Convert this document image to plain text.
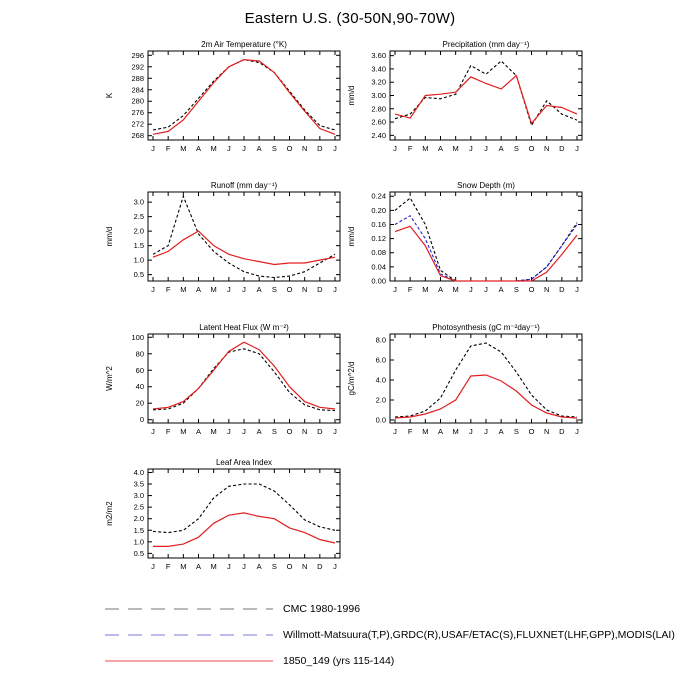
Eastern U.S. (30-50N,90-70W)
2m Air Temperature (°K)
K
268
272
276
280
284
288
292
296
J F M A M J J A S O N D J
Precipitation (mm day⁻¹)
mm/d
2.40
2.60
2.80
3.00
3.20
3.40
3.60
J F M A M J J A S O N D J
Runoff (mm day⁻¹)
mm/d
0.5
1.0
1.5
2.0
2.5
3.0
J F M A M J J A S O N D J
Snow Depth (m)
mm/d
0.00
0.04
0.08
0.12
0.16
0.20
0.24
J F M A M J J A S O N D J
Latent Heat Flux (W m⁻²)
W/m^2
0
20
40
60
80
100
J F M A M J J A S O N D J
Photosynthesis (gC m⁻²day⁻¹)
gC/m^2/d
0.0
2.0
4.0
6.0
8.0
J F M A M J J A S O N D J
Leaf Area Index
m2/m2
0.5
1.0
1.5
2.0
2.5
3.0
3.5
4.0
J F M A M J J A S O N D J
CMC 1980-1996
Willmott-Matsuura(T,P),GRDC(R),USAF/ETAC(S),FLUXNET(LHF,GPP),MODIS(LAI)
1850_149 (yrs 115-144)
